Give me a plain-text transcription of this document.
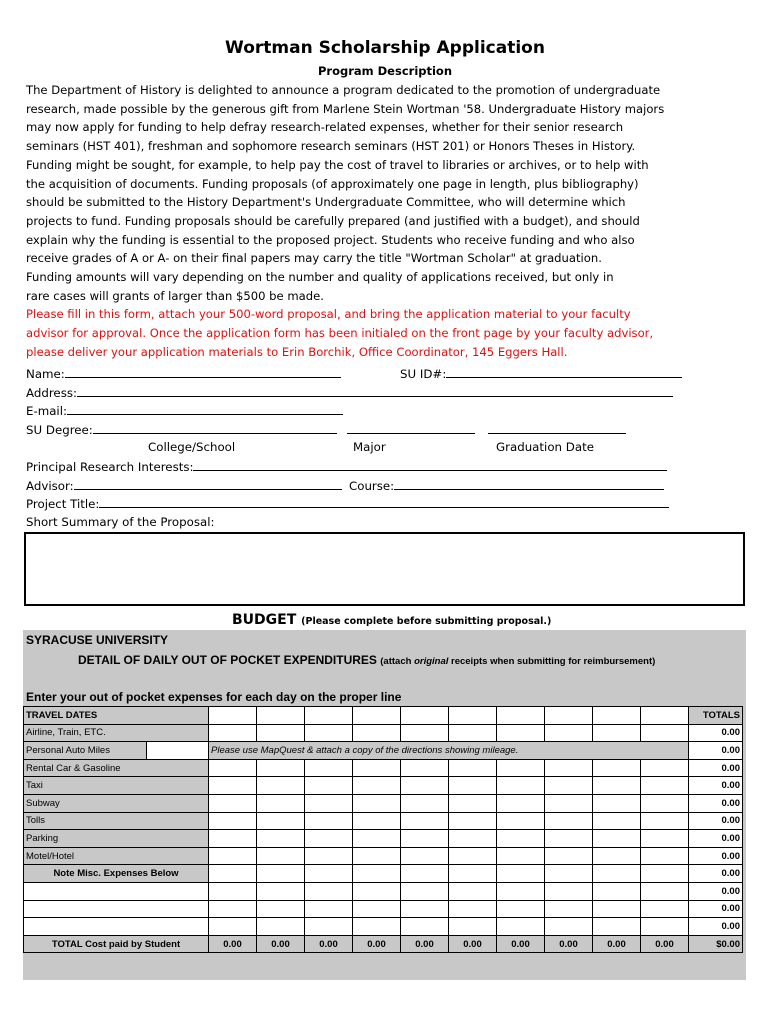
Wortman Scholarship Application
Program Description
The Department of History is delighted to announce a program dedicated to the promotion of undergraduate
research, made possible by the generous gift from Marlene Stein Wortman '58. Undergraduate History majors
may now apply for funding to help defray research-related expenses, whether for their senior research
seminars (HST 401), freshman and sophomore research seminars (HST 201) or Honors Theses in History.
Funding might be sought, for example, to help pay the cost of travel to libraries or archives, or to help with
the acquisition of documents. Funding proposals (of approximately one page in length, plus bibliography)
should be submitted to the History Department's Undergraduate Committee, who will determine which
projects to fund. Funding proposals should be carefully prepared (and justified with a budget), and should
explain why the funding is essential to the proposed project. Students who receive funding and who also
receive grades of A or A- on their final papers may carry the title "Wortman Scholar" at graduation.
Funding amounts will vary depending on the number and quality of applications received, but only in
rare cases will grants of larger than $500 be made.
Please fill in this form, attach your 500-word proposal, and bring the application material to your faculty
advisor for approval. Once the application form has been initialed on the front page by your faculty advisor,
please deliver your application materials to Erin Borchik, Office Coordinator, 145 Eggers Hall.
Name:	SU ID#:
Address:
E-mail:
SU Degree:
College/School	Major	Graduation Date
Principal Research Interests:
Advisor:	Course:
Project Title:
Short Summary of the Proposal:
BUDGET (Please complete before submitting proposal.)
SYRACUSE UNIVERSITY
DETAIL OF DAILY OUT OF POCKET EXPENDITURES (attach original receipts when submitting for reimbursement)
Enter your out of pocket expenses for each day on the proper line
TRAVEL DATES												TOTALS
Airline, Train, ETC.												0.00
Personal Auto Miles		Please use MapQuest & attach a copy of the directions showing mileage.										0.00
Rental Car & Gasoline												0.00
Taxi												0.00
Subway												0.00
Tolls												0.00
Parking												0.00
Motel/Hotel												0.00
Note Misc. Expenses Below												0.00
												0.00
												0.00
												0.00
TOTAL Cost paid by Student		0.00	0.00	0.00	0.00	0.00	0.00	0.00	0.00	0.00	0.00	$0.00
